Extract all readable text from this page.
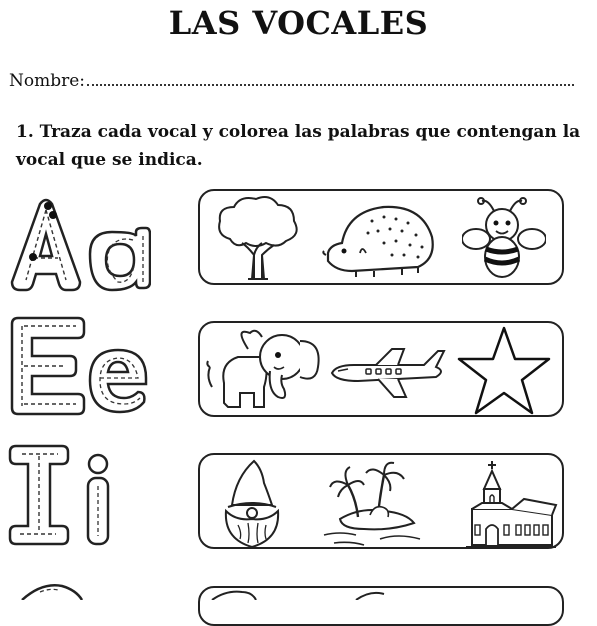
LAS VOCALES
Nombre:
1. Traza cada vocal y colorea las palabras que contengan la vocal que se indica.
